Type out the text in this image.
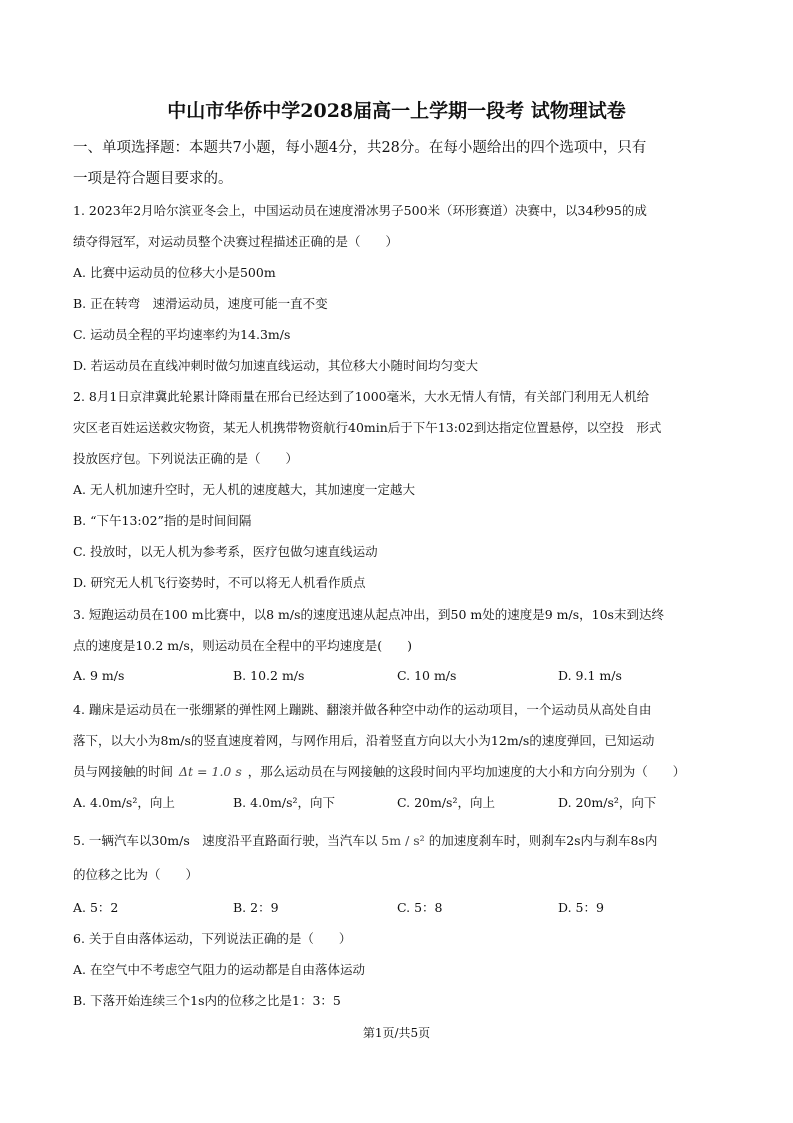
中山市华侨中学2028届高一上学期一段考 试物理试卷
一、单项选择题：本题共7小题，每小题4分，共28分。在每小题给出的四个选项中，只有
一项是符合题目要求的。
1. 2023年2月哈尔滨亚冬会上，中国运动员在速度滑冰男子500米（环形赛道）决赛中，以34秒95的成
绩夺得冠军，对运动员整个决赛过程描述正确的是（　　）
A. 比赛中运动员的位移大小是500m
B. 正在转弯　速滑运动员，速度可能一直不变
C. 运动员全程的平均速率约为14.3m/s
D. 若运动员在直线冲刺时做匀加速直线运动，其位移大小随时间均匀变大
2. 8月1日京津冀此轮累计降雨量在邢台已经达到了1000毫米，大水无情人有情，有关部门利用无人机给
灾区老百姓运送救灾物资，某无人机携带物资航行40min后于下午13:02到达指定位置悬停，以空投　形式
投放医疗包。下列说法正确的是（　　）
A. 无人机加速升空时，无人机的速度越大，其加速度一定越大
B. “下午13:02”指的是时间间隔
C. 投放时，以无人机为参考系，医疗包做匀速直线运动
D. 研究无人机飞行姿势时，不可以将无人机看作质点
3. 短跑运动员在100 m比赛中，以8 m/s的速度迅速从起点冲出，到50 m处的速度是9 m/s，10s末到达终
点的速度是10.2 m/s，则运动员在全程中的平均速度是(　　)
A. 9 m/s	B. 10.2 m/s	C. 10 m/s	D. 9.1 m/s
4. 蹦床是运动员在一张绷紧的弹性网上蹦跳、翻滚并做各种空中动作的运动项目，一个运动员从高处自由
落下，以大小为8m/s的竖直速度着网，与网作用后，沿着竖直方向以大小为12m/s的速度弹回，已知运动
员与网接触的时间 Δt = 1.0 s ，那么运动员在与网接触的这段时间内平均加速度的大小和方向分别为（　　）
A. 4.0m/s²，向上	B. 4.0m/s²，向下	C. 20m/s²，向上	D. 20m/s²，向下
5. 一辆汽车以30m/s　速度沿平直路面行驶，当汽车以 5m / s² 的加速度刹车时，则刹车2s内与刹车8s内
的位移之比为（　　）
A. 5：2	B. 2：9	C. 5：8	D. 5：9
6. 关于自由落体运动，下列说法正确的是（　　）
A. 在空气中不考虑空气阻力的运动都是自由落体运动
B. 下落开始连续三个1s内的位移之比是1：3：5
第1页/共5页
